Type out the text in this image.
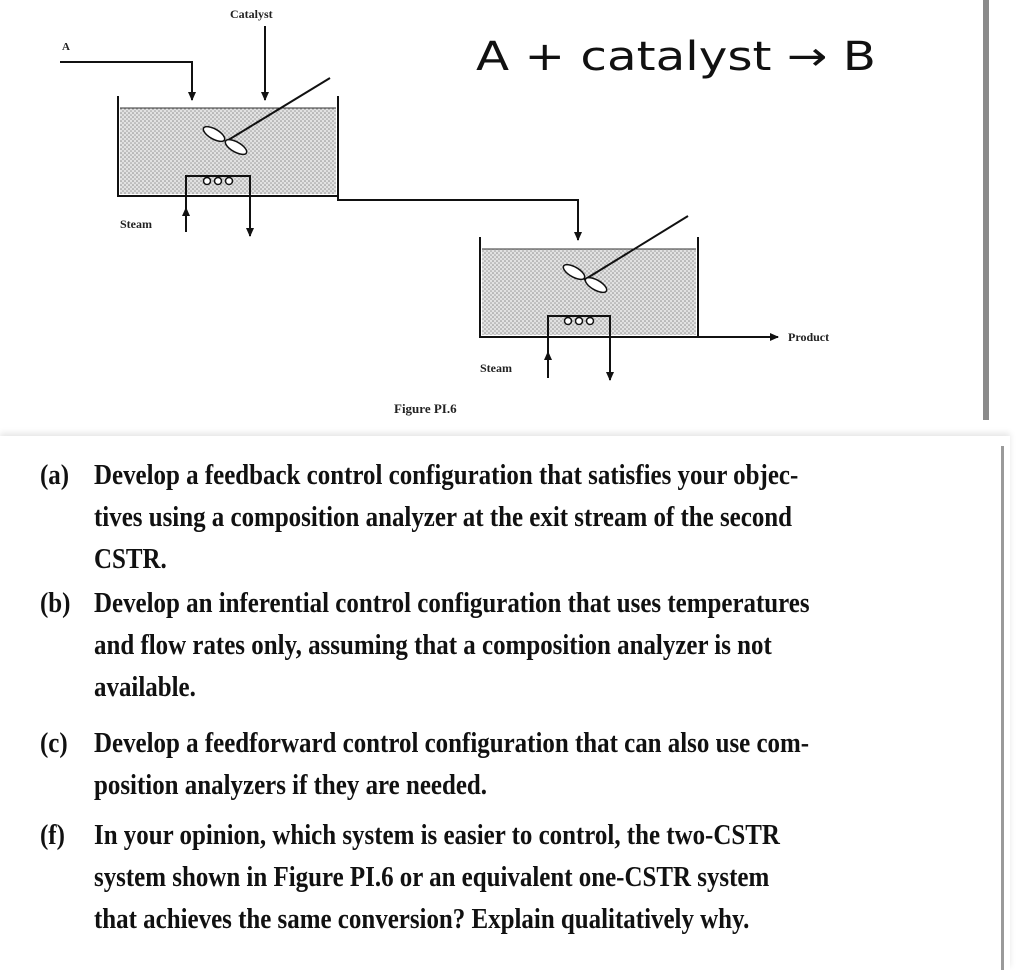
A
Catalyst
Steam
Product
Steam
Figure PI.6
A + catalyst → B
(a) Develop a feedback control configuration that satisfies your objec-
tives using a composition analyzer at the exit stream of the second
CSTR.
(b) Develop an inferential control configuration that uses temperatures
and flow rates only, assuming that a composition analyzer is not
available.
(c) Develop a feedforward control configuration that can also use com-
position analyzers if they are needed.
(f) In your opinion, which system is easier to control, the two-CSTR
system shown in Figure PI.6 or an equivalent one-CSTR system
that achieves the same conversion? Explain qualitatively why.
